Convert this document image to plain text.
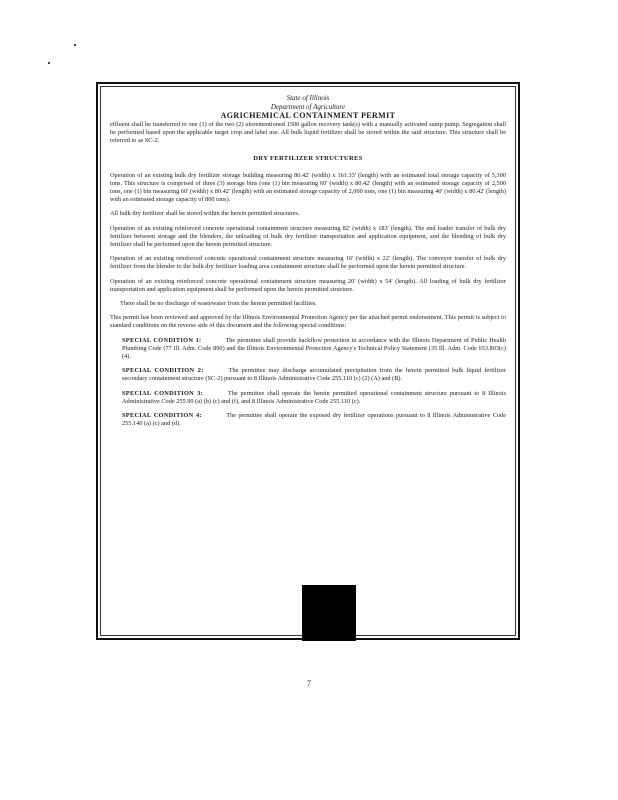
State of Illinois
Department of Agriculture
AGRICHEMICAL CONTAINMENT PERMIT

effluent shall be transferred to one (1) of the two (2) aforementioned 1500 gallon recovery tank(s) with a manually activated sump pump. Segregation shall be performed based upon the applicable target crop and label use. All bulk liquid fertilizer shall be stored within the said structure. This structure shall be referred to as SC-2.

DRY FERTILIZER STRUCTURES

Operation of an existing bulk dry fertilizer storage building measuring 80.42' (width) x 161.33' (length) with an estimated total storage capacity of 5,300 tons. This structure is comprised of three (3) storage bins (one (1) bin measuring 60' (width) x 80.42' (length) with an estimated storage capacity of 2,500 tons, one (1) bin measuring 60' (width) x 80.42' (length) with an estimated storage capacity of 2,000 tons, one (1) bin measuring 40' (width) x 80.42' (length) with an estimated storage capacity of 800 tons).

All bulk dry fertilizer shall be stored within the herein permitted structures.

Operation of an existing reinforced concrete operational containment structure measuring 82' (width) x 183' (length). The end loader transfer of bulk dry fertilizer between storage and the blenders, the unloading of bulk dry fertilizer transportation and application equipment, and the blending of bulk dry fertilizer shall be performed upon the herein permitted structure.

Operation of an existing reinforced concrete operational containment structure measuring 16' (width) x 22' (length). The conveyor transfer of bulk dry fertilizer from the blender to the bulk dry fertilizer loading area containment structure shall be performed upon the herein permitted structure.

Operation of an existing reinforced concrete operational containment structure measuring 20' (width) x 54' (length). All loading of bulk dry fertilizer transportation and application equipment shall be performed upon the herein permitted structure.

There shall be no discharge of wastewater from the herein permitted facilities.

This permit has been reviewed and approved by the Illinois Environmental Protection Agency per the attached permit endorsement. This permit is subject to standard conditions on the reverse side of this document and the following special conditions:

SPECIAL CONDITION 1:	The permittee shall provide backflow protection in accordance with the Illinois Department of Public Health Plumbing Code (77 Ill. Adm. Code 890) and the Illinois Environmental Protection Agency's Technical Policy Statement (35 Ill. Adm. Code 653.803(c)(4).

SPECIAL CONDITION 2:	The permittee may discharge accumulated precipitation from the herein permitted bulk liquid fertilizer secondary containment structure (SC-2) pursuant to 8 Illinois Administrative Code 255.110 (c) (2) (A) and (B).

SPECIAL CONDITION 3:	The permittee shall operate the herein permitted operational containment structure pursuant to 8 Illinois Administrative Code 255.90 (a) (b) (c) and (f), and 8 Illinois Administrative Code 255.110 (c).

SPECIAL CONDITION 4:	The permittee shall operate the exposed dry fertilizer operations pursuant to 8 Illinois Administrative Code 255.140 (a) (c) and (d).

7
